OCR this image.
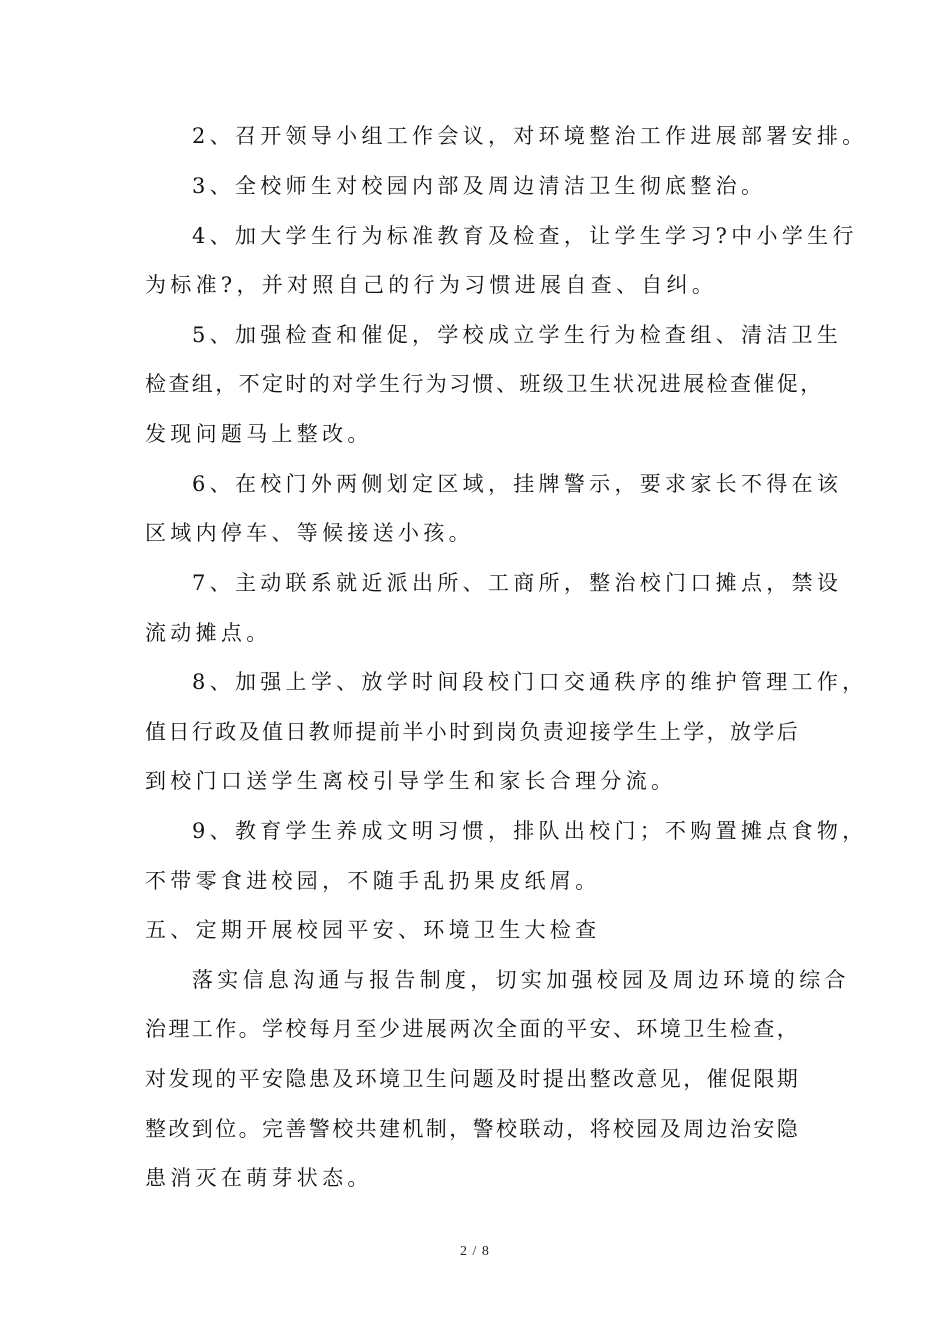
2、召开领导小组工作会议，对环境整治工作进展部署安排。
3、全校师生对校园内部及周边清洁卫生彻底整治。
4、加大学生行为标准教育及检查，让学生学习?中小学生行
为标准?，并对照自己的行为习惯进展自查、自纠。
5、加强检查和催促，学校成立学生行为检查组、清洁卫生
检查组，不定时的对学生行为习惯、班级卫生状况进展检查催促，
发现问题马上整改。
6、在校门外两侧划定区域，挂牌警示，要求家长不得在该
区域内停车、等候接送小孩。
7、主动联系就近派出所、工商所，整治校门口摊点，禁设
流动摊点。
8、加强上学、放学时间段校门口交通秩序的维护管理工作，
值日行政及值日教师提前半小时到岗负责迎接学生上学，放学后
到校门口送学生离校引导学生和家长合理分流。
9、教育学生养成文明习惯，排队出校门；不购置摊点食物，
不带零食进校园，不随手乱扔果皮纸屑。
五、定期开展校园平安、环境卫生大检查
落实信息沟通与报告制度，切实加强校园及周边环境的综合
治理工作。学校每月至少进展两次全面的平安、环境卫生检查，
对发现的平安隐患及环境卫生问题及时提出整改意见，催促限期
整改到位。完善警校共建机制，警校联动，将校园及周边治安隐
患消灭在萌芽状态。
2 / 8
